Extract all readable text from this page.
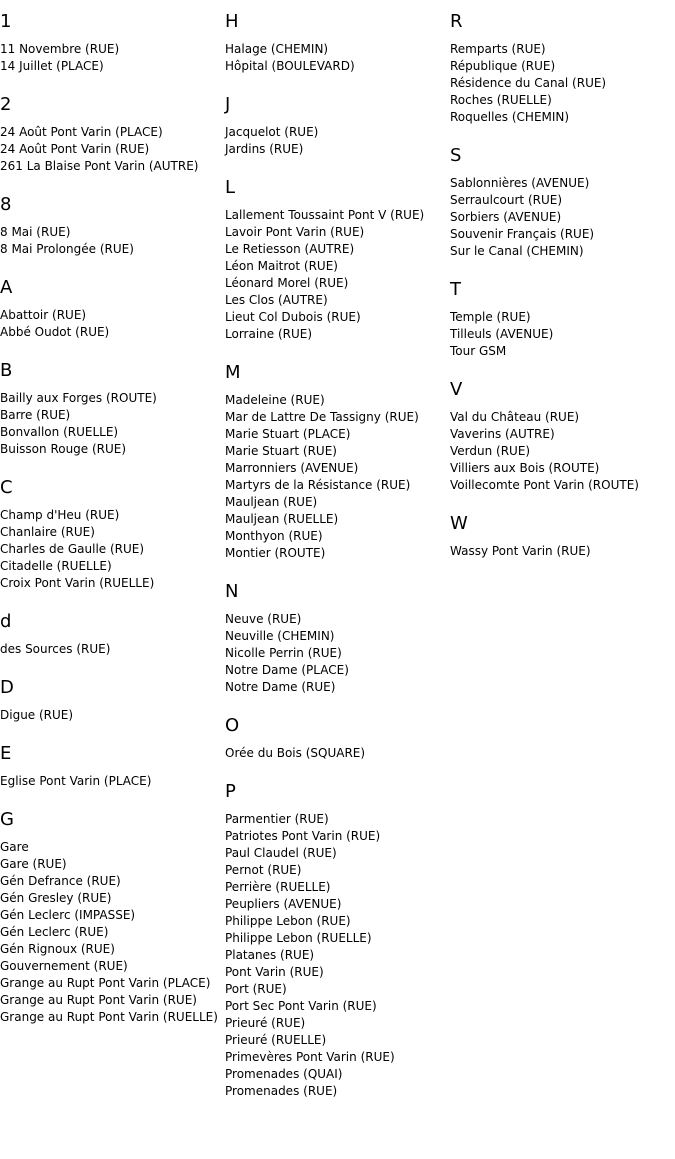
1
11 Novembre (RUE)
14 Juillet (PLACE)
2
24 Août Pont Varin (PLACE)
24 Août Pont Varin (RUE)
261 La Blaise Pont Varin (AUTRE)
8
8 Mai (RUE)
8 Mai Prolongée (RUE)
A
Abattoir (RUE)
Abbé Oudot (RUE)
B
Bailly aux Forges (ROUTE)
Barre (RUE)
Bonvallon (RUELLE)
Buisson Rouge (RUE)
C
Champ d'Heu (RUE)
Chanlaire (RUE)
Charles de Gaulle (RUE)
Citadelle (RUELLE)
Croix Pont Varin (RUELLE)
d
des Sources (RUE)
D
Digue (RUE)
E
Eglise Pont Varin (PLACE)
G
Gare
Gare (RUE)
Gén Defrance (RUE)
Gén Gresley (RUE)
Gén Leclerc (IMPASSE)
Gén Leclerc (RUE)
Gén Rignoux (RUE)
Gouvernement (RUE)
Grange au Rupt Pont Varin (PLACE)
Grange au Rupt Pont Varin (RUE)
Grange au Rupt Pont Varin (RUELLE)
H
Halage (CHEMIN)
Hôpital (BOULEVARD)
J
Jacquelot (RUE)
Jardins (RUE)
L
Lallement Toussaint Pont V (RUE)
Lavoir Pont Varin (RUE)
Le Retiesson (AUTRE)
Léon Maitrot (RUE)
Léonard Morel (RUE)
Les Clos (AUTRE)
Lieut Col Dubois (RUE)
Lorraine (RUE)
M
Madeleine (RUE)
Mar de Lattre De Tassigny (RUE)
Marie Stuart (PLACE)
Marie Stuart (RUE)
Marronniers (AVENUE)
Martyrs de la Résistance (RUE)
Mauljean (RUE)
Mauljean (RUELLE)
Monthyon (RUE)
Montier (ROUTE)
N
Neuve (RUE)
Neuville (CHEMIN)
Nicolle Perrin (RUE)
Notre Dame (PLACE)
Notre Dame (RUE)
O
Orée du Bois (SQUARE)
P
Parmentier (RUE)
Patriotes Pont Varin (RUE)
Paul Claudel (RUE)
Pernot (RUE)
Perrière (RUELLE)
Peupliers (AVENUE)
Philippe Lebon (RUE)
Philippe Lebon (RUELLE)
Platanes (RUE)
Pont Varin (RUE)
Port (RUE)
Port Sec Pont Varin (RUE)
Prieuré (RUE)
Prieuré (RUELLE)
Primevères Pont Varin (RUE)
Promenades (QUAI)
Promenades (RUE)
R
Remparts (RUE)
République (RUE)
Résidence du Canal (RUE)
Roches (RUELLE)
Roquelles (CHEMIN)
S
Sablonnières (AVENUE)
Serraulcourt (RUE)
Sorbiers (AVENUE)
Souvenir Français (RUE)
Sur le Canal (CHEMIN)
T
Temple (RUE)
Tilleuls (AVENUE)
Tour GSM
V
Val du Château (RUE)
Vaverins (AUTRE)
Verdun (RUE)
Villiers aux Bois (ROUTE)
Voillecomte Pont Varin (ROUTE)
W
Wassy Pont Varin (RUE)
